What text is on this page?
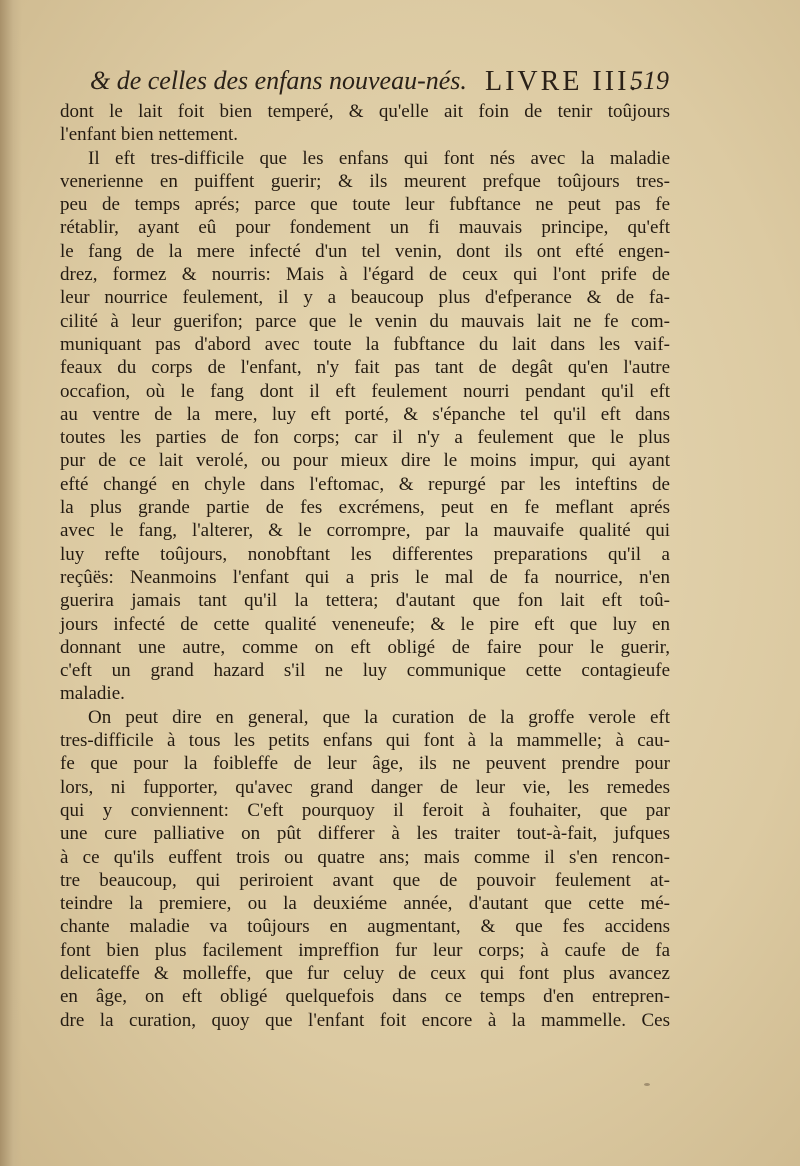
& de celles des enfans nouveau-nés. LIVRE III.
519
dont le lait foit bien temperé, & qu'elle ait foin de tenir toûjours
l'enfant bien nettement.
Il eft tres-difficile que les enfans qui font nés avec la maladie
venerienne en puiffent guerir; & ils meurent prefque toûjours tres-
peu de temps aprés; parce que toute leur fubftance ne peut pas fe
rétablir, ayant eû pour fondement un fi mauvais principe, qu'eft
le fang de la mere infecté d'un tel venin, dont ils ont efté engen-
drez, formez & nourris: Mais à l'égard de ceux qui l'ont prife de
leur nourrice feulement, il y a beaucoup plus d'efperance & de fa-
cilité à leur guerifon; parce que le venin du mauvais lait ne fe com-
muniquant pas d'abord avec toute la fubftance du lait dans les vaif-
feaux du corps de l'enfant, n'y fait pas tant de degât qu'en l'autre
occafion, où le fang dont il eft feulement nourri pendant qu'il eft
au ventre de la mere, luy eft porté, & s'épanche tel qu'il eft dans
toutes les parties de fon corps; car il n'y a feulement que le plus
pur de ce lait verolé, ou pour mieux dire le moins impur, qui ayant
efté changé en chyle dans l'eftomac, & repurgé par les inteftins de
la plus grande partie de fes excrémens, peut en fe meflant aprés
avec le fang, l'alterer, & le corrompre, par la mauvaife qualité qui
luy refte toûjours, nonobftant les differentes preparations qu'il a
reçûës: Neanmoins l'enfant qui a pris le mal de fa nourrice, n'en
guerira jamais tant qu'il la tettera; d'autant que fon lait eft toû-
jours infecté de cette qualité veneneufe; & le pire eft que luy en
donnant une autre, comme on eft obligé de faire pour le guerir,
c'eft un grand hazard s'il ne luy communique cette contagieufe
maladie.
On peut dire en general, que la curation de la groffe verole eft
tres-difficile à tous les petits enfans qui font à la mammelle; à cau-
fe que pour la foibleffe de leur âge, ils ne peuvent prendre pour
lors, ni fupporter, qu'avec grand danger de leur vie, les remedes
qui y conviennent: C'eft pourquoy il feroit à fouhaiter, que par
une cure palliative on pût differer à les traiter tout-à-fait, jufques
à ce qu'ils euffent trois ou quatre ans; mais comme il s'en rencon-
tre beaucoup, qui periroient avant que de pouvoir feulement at-
teindre la premiere, ou la deuxiéme année, d'autant que cette mé-
chante maladie va toûjours en augmentant, & que fes accidens
font bien plus facilement impreffion fur leur corps; à caufe de fa
delicateffe & molleffe, que fur celuy de ceux qui font plus avancez
en âge, on eft obligé quelquefois dans ce temps d'en entrepren-
dre la curation, quoy que l'enfant foit encore à la mammelle. Ces
